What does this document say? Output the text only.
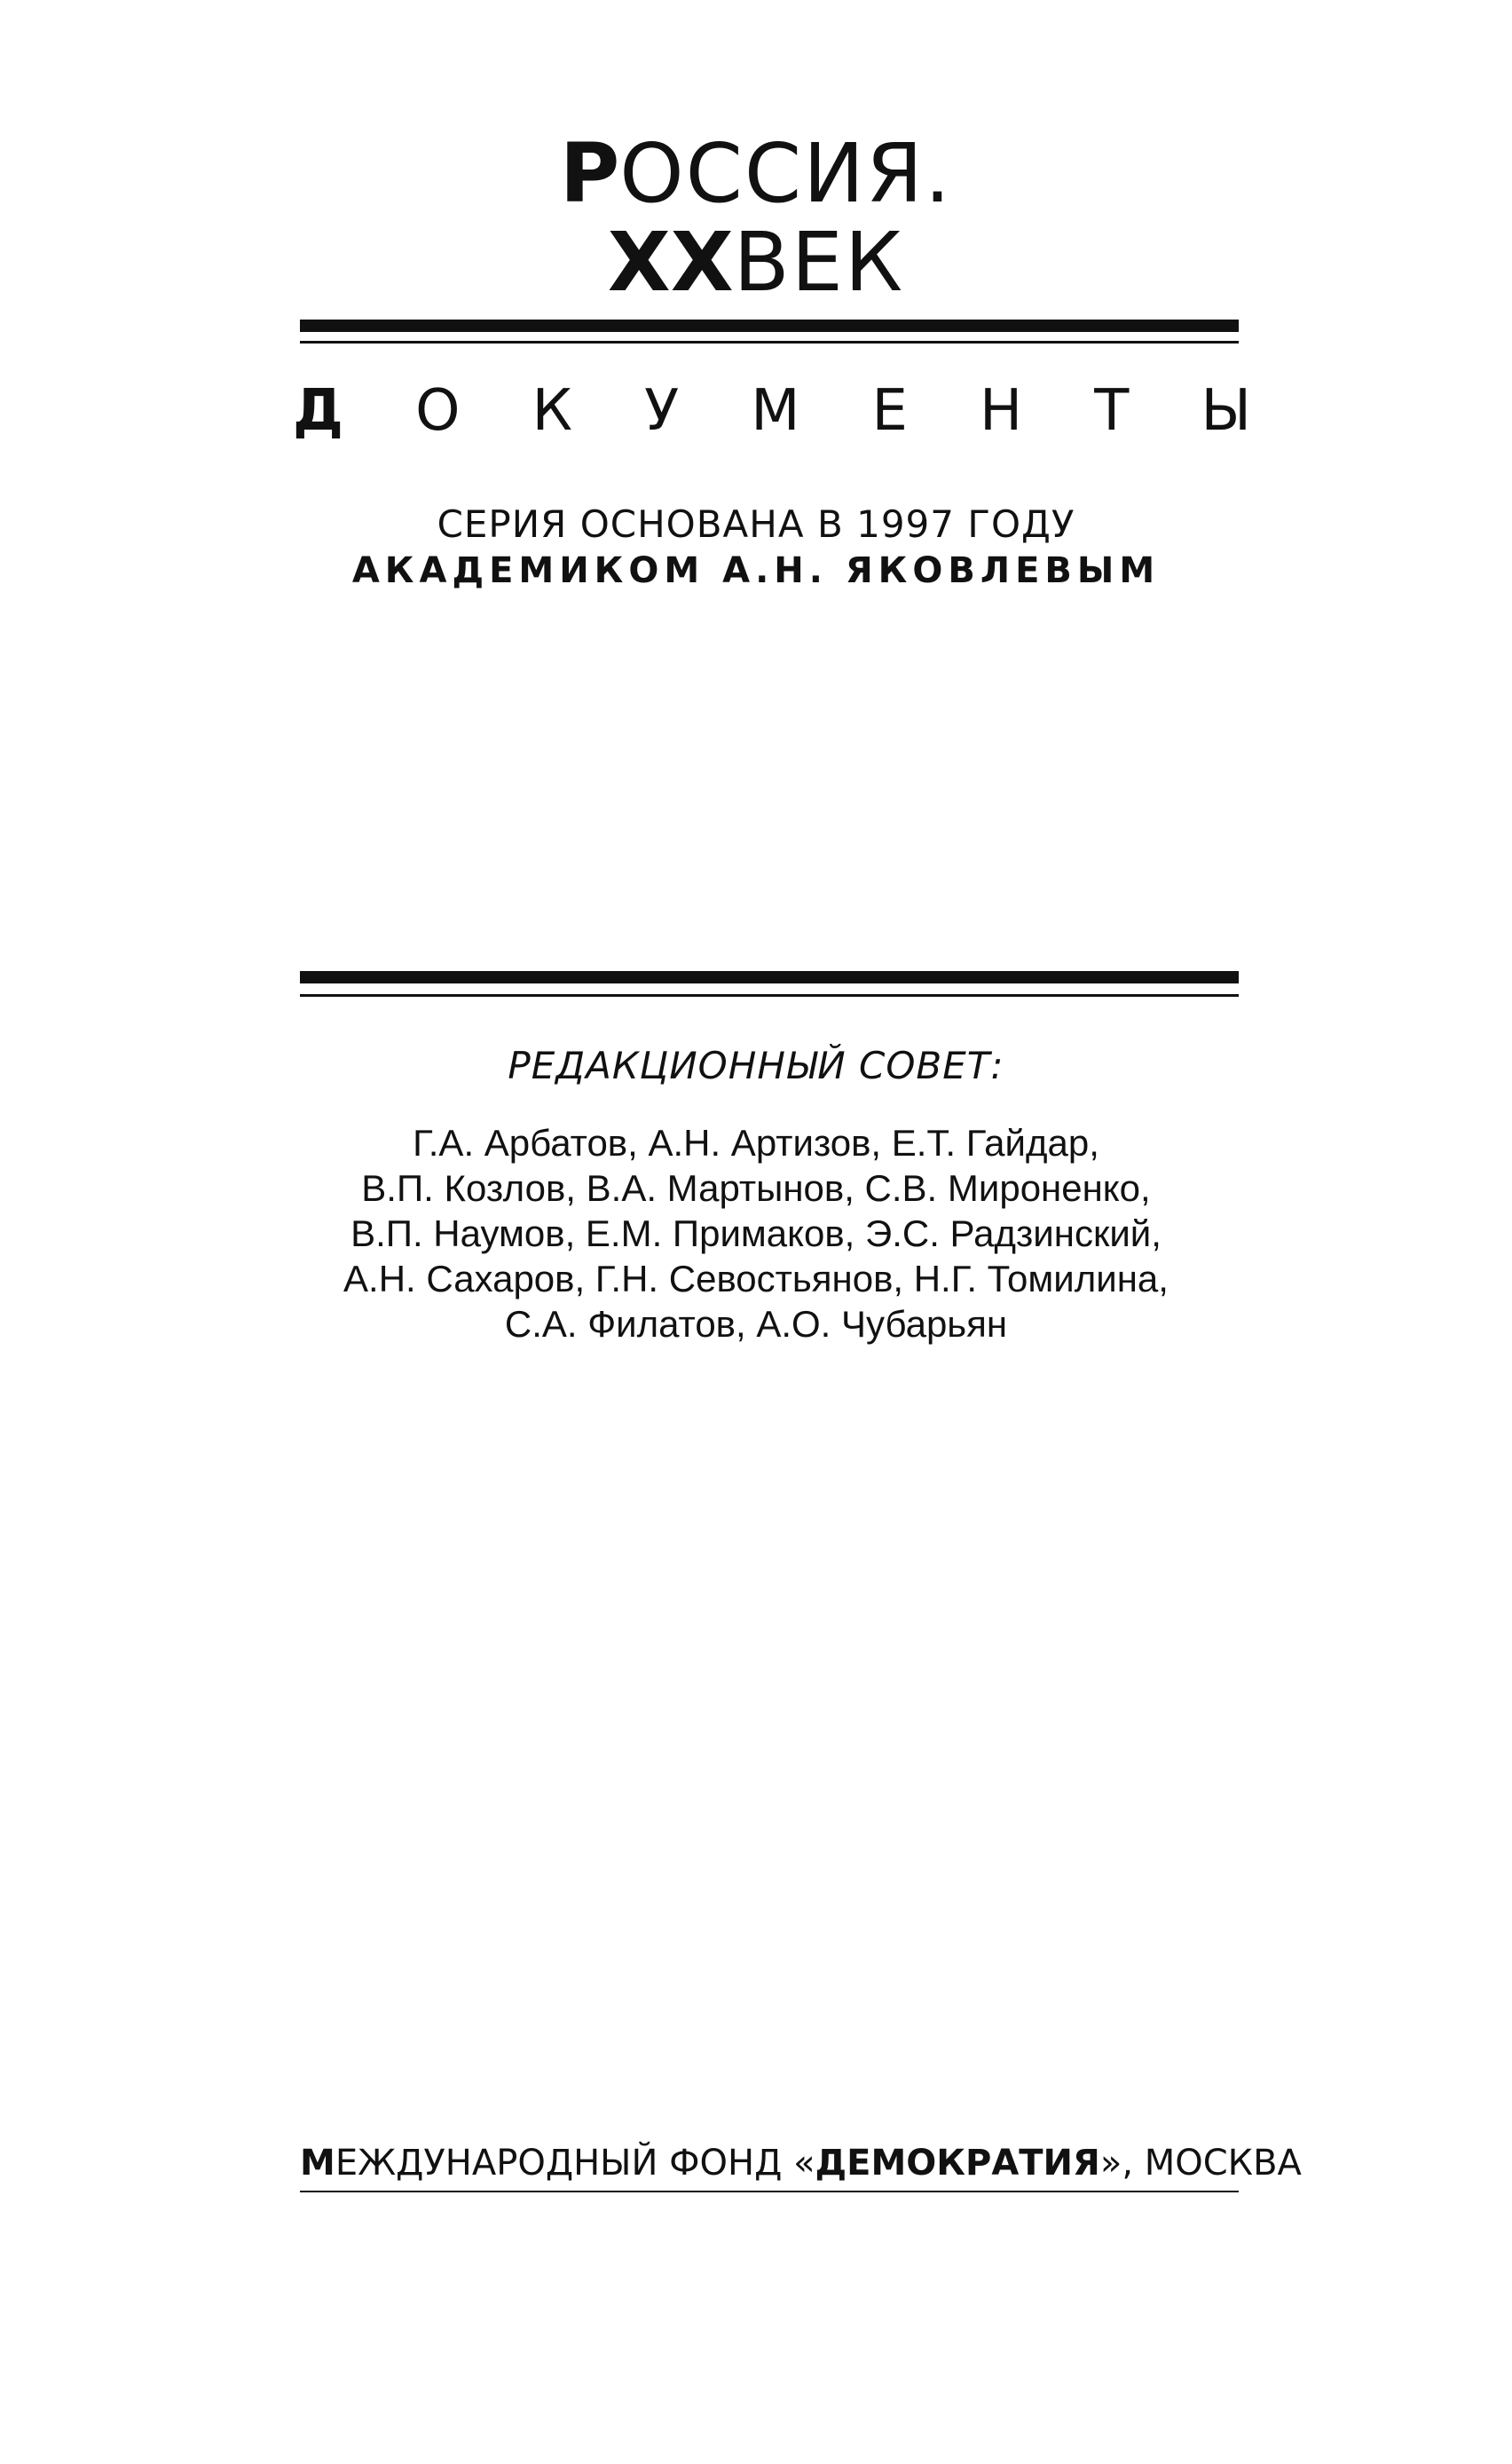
РОССИЯ.
XXВЕК
Д О К У М Е Н Т Ы
СЕРИЯ ОСНОВАНА В 1997 ГОДУ
АКАДЕМИКОМ А.Н. ЯКОВЛЕВЫМ
РЕДАКЦИОННЫЙ СОВЕТ:
Г.А. Арбатов, А.Н. Артизов, Е.Т. Гайдар,
В.П. Козлов, В.А. Мартынов, С.В. Мироненко,
В.П. Наумов, Е.М. Примаков, Э.С. Радзинский,
А.Н. Сахаров, Г.Н. Севостьянов, Н.Г. Томилина,
С.А. Филатов, А.О. Чубарьян
МЕЖДУНАРОДНЫЙ ФОНД «ДЕМОКРАТИЯ», МОСКВА
